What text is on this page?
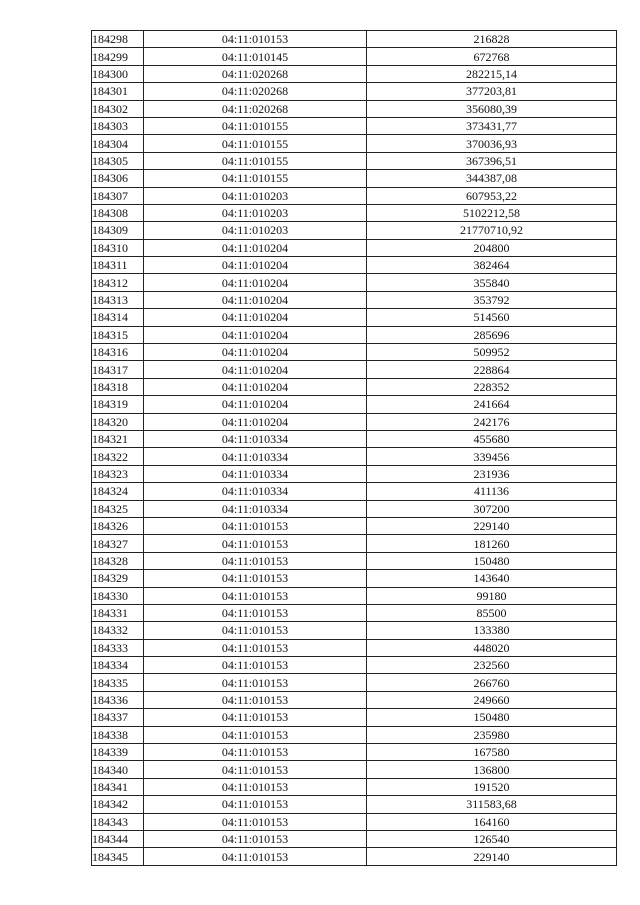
184298	04:11:010153	216828
184299	04:11:010145	672768
184300	04:11:020268	282215,14
184301	04:11:020268	377203,81
184302	04:11:020268	356080,39
184303	04:11:010155	373431,77
184304	04:11:010155	370036,93
184305	04:11:010155	367396,51
184306	04:11:010155	344387,08
184307	04:11:010203	607953,22
184308	04:11:010203	5102212,58
184309	04:11:010203	21770710,92
184310	04:11:010204	204800
184311	04:11:010204	382464
184312	04:11:010204	355840
184313	04:11:010204	353792
184314	04:11:010204	514560
184315	04:11:010204	285696
184316	04:11:010204	509952
184317	04:11:010204	228864
184318	04:11:010204	228352
184319	04:11:010204	241664
184320	04:11:010204	242176
184321	04:11:010334	455680
184322	04:11:010334	339456
184323	04:11:010334	231936
184324	04:11:010334	411136
184325	04:11:010334	307200
184326	04:11:010153	229140
184327	04:11:010153	181260
184328	04:11:010153	150480
184329	04:11:010153	143640
184330	04:11:010153	99180
184331	04:11:010153	85500
184332	04:11:010153	133380
184333	04:11:010153	448020
184334	04:11:010153	232560
184335	04:11:010153	266760
184336	04:11:010153	249660
184337	04:11:010153	150480
184338	04:11:010153	235980
184339	04:11:010153	167580
184340	04:11:010153	136800
184341	04:11:010153	191520
184342	04:11:010153	311583,68
184343	04:11:010153	164160
184344	04:11:010153	126540
184345	04:11:010153	229140
